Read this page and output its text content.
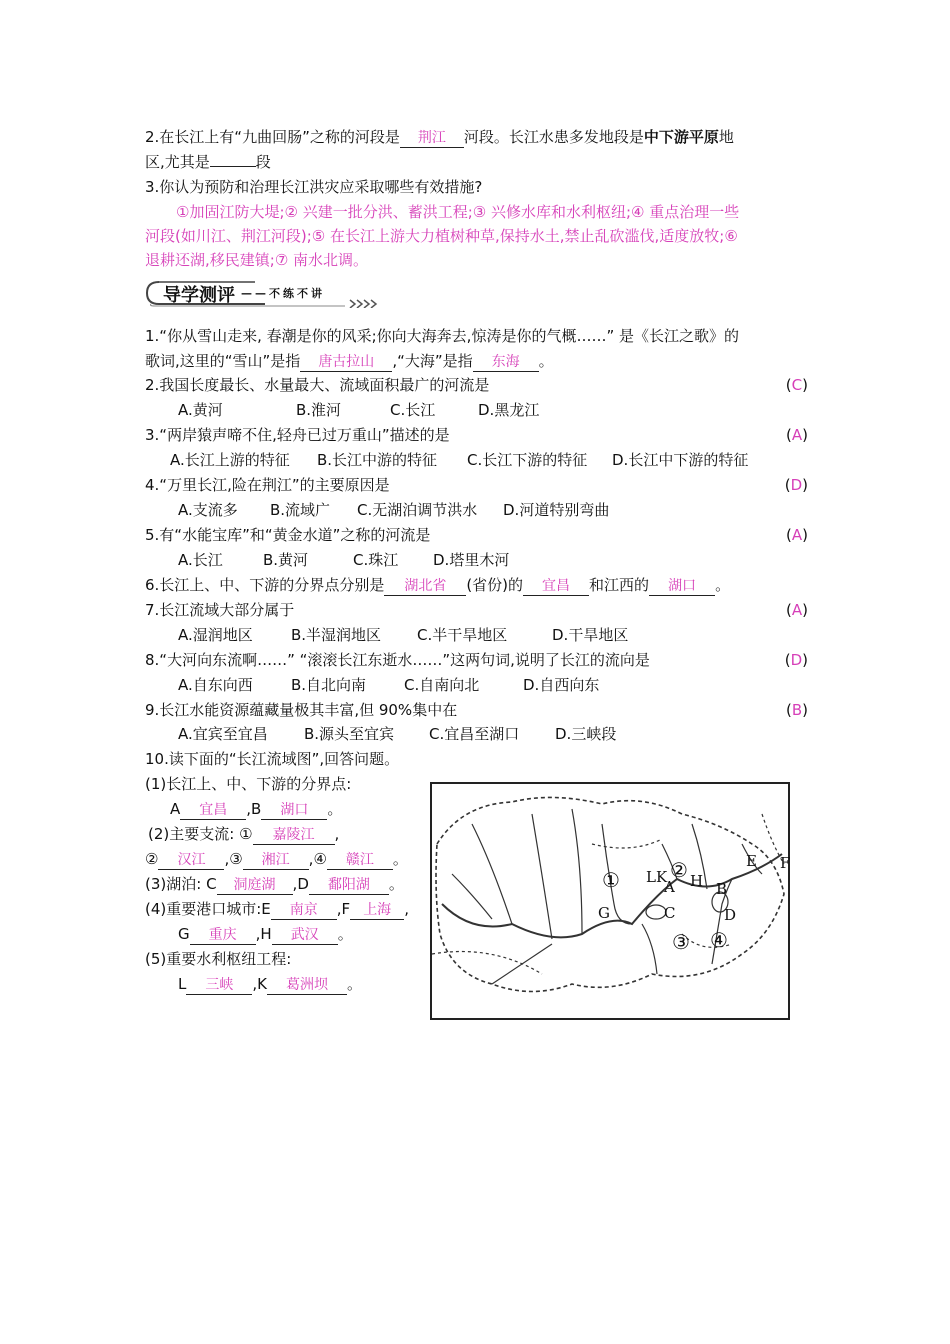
2.在长江上有“九曲回肠”之称的河段是 荆江 河段。长江水患多发地段是中下游平原地
区,尤其是	段
3.你认为预防和治理长江洪灾应采取哪些有效措施?
①加固江防大堤;② 兴建一批分洪、蓄洪工程;③ 兴修水库和水利枢纽;④ 重点治理一些
河段(如川江、荆江河段);⑤ 在长江上游大力植树种草,保持水土,禁止乱砍滥伐,适度放牧;⑥
退耕还湖,移民建镇;⑦ 南水北调。
导学测评 ——不练不讲
1.“你从雪山走来, 春潮是你的风采;你向大海奔去,惊涛是你的气概……” 是《长江之歌》的
歌词,这里的“雪山”是指 唐古拉山 ,“大海”是指 东海 。
2.我国长度最长、水量最大、流域面积最广的河流是	(C)
A.黄河	B.淮河	C.长江	D.黑龙江
3.“两岸猿声啼不住,轻舟已过万重山”描述的是	(A)
A.长江上游的特征 B.长江中游的特征 C.长江下游的特征 D.长江中下游的特征
4.“万里长江,险在荆江”的主要原因是	(D)
A.支流多 B.流域广 C.无湖泊调节洪水 D.河道特别弯曲
5.有“水能宝库”和“黄金水道”之称的河流是	(A)
A.长江	B.黄河	C.珠江 D.塔里木河
6.长江上、中、下游的分界点分别是 湖北省 (省份)的 宜昌 和江西的 湖口 。
7.长江流域大部分属于	(A)
A.湿润地区	B.半湿润地区 C.半干旱地区	D.干旱地区
8.“大河向东流啊……” “滚滚长江东逝水……”这两句词,说明了长江的流向是	(D)
A.自东向西	B.自北向南	C.自南向北	D.自西向东
9.长江水能资源蕴藏量极其丰富,但 90%集中在	(B)
A.宜宾至宜昌 B.源头至宜宾 C.宜昌至湖口 D.三峡段
10.读下面的“长江流域图”,回答问题。
(1)长江上、中、下游的分界点:
A 宜昌 ,B 湖口 。
(2)主要支流: ① 嘉陵江 ,
② 汉江 ,③ 湘江 ,④ 赣江 。
(3)湖泊: C 洞庭湖 ,D 鄱阳湖 。
(4)重要港口城市:E 南京 ,F 上海 ,
G 重庆 ,H 武汉 。
(5)重要水利枢纽工程:
L 三峡 ,K 葛洲坝 。
①	②
③ ④
L K
A H B
C	D
E F
G
